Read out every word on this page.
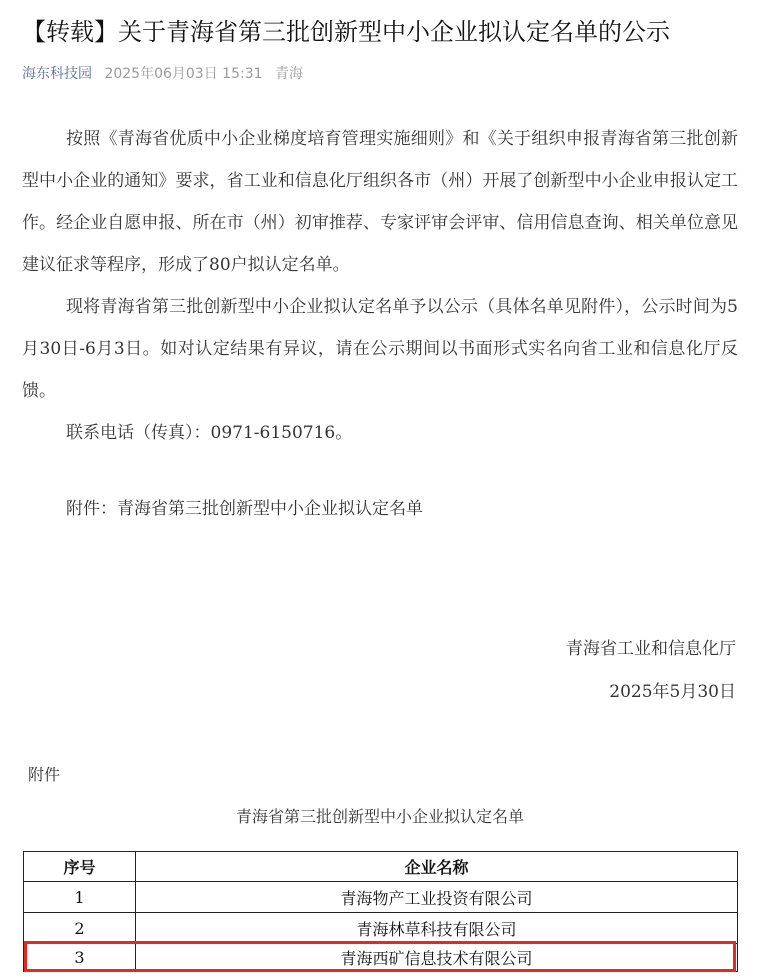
【转载】关于青海省第三批创新型中小企业拟认定名单的公示
海东科技园 2025年06月03日 15:31 青海

按照《青海省优质中小企业梯度培育管理实施细则》和《关于组织申报青海省第三批创新型中小企业的通知》要求，省工业和信息化厅组织各市（州）开展了创新型中小企业申报认定工作。经企业自愿申报、所在市（州）初审推荐、专家评审会评审、信用信息查询、相关单位意见建议征求等程序，形成了80户拟认定名单。

现将青海省第三批创新型中小企业拟认定名单予以公示（具体名单见附件），公示时间为5月30日-6月3日。如对认定结果有异议，请在公示期间以书面形式实名向省工业和信息化厅反馈。

联系电话（传真）：0971-6150716。

附件：青海省第三批创新型中小企业拟认定名单

青海省工业和信息化厅
2025年5月30日
附件
青海省第三批创新型中小企业拟认定名单
序号	企业名称
1	青海物产工业投资有限公司
2	青海林草科技有限公司
3	青海西矿信息技术有限公司
